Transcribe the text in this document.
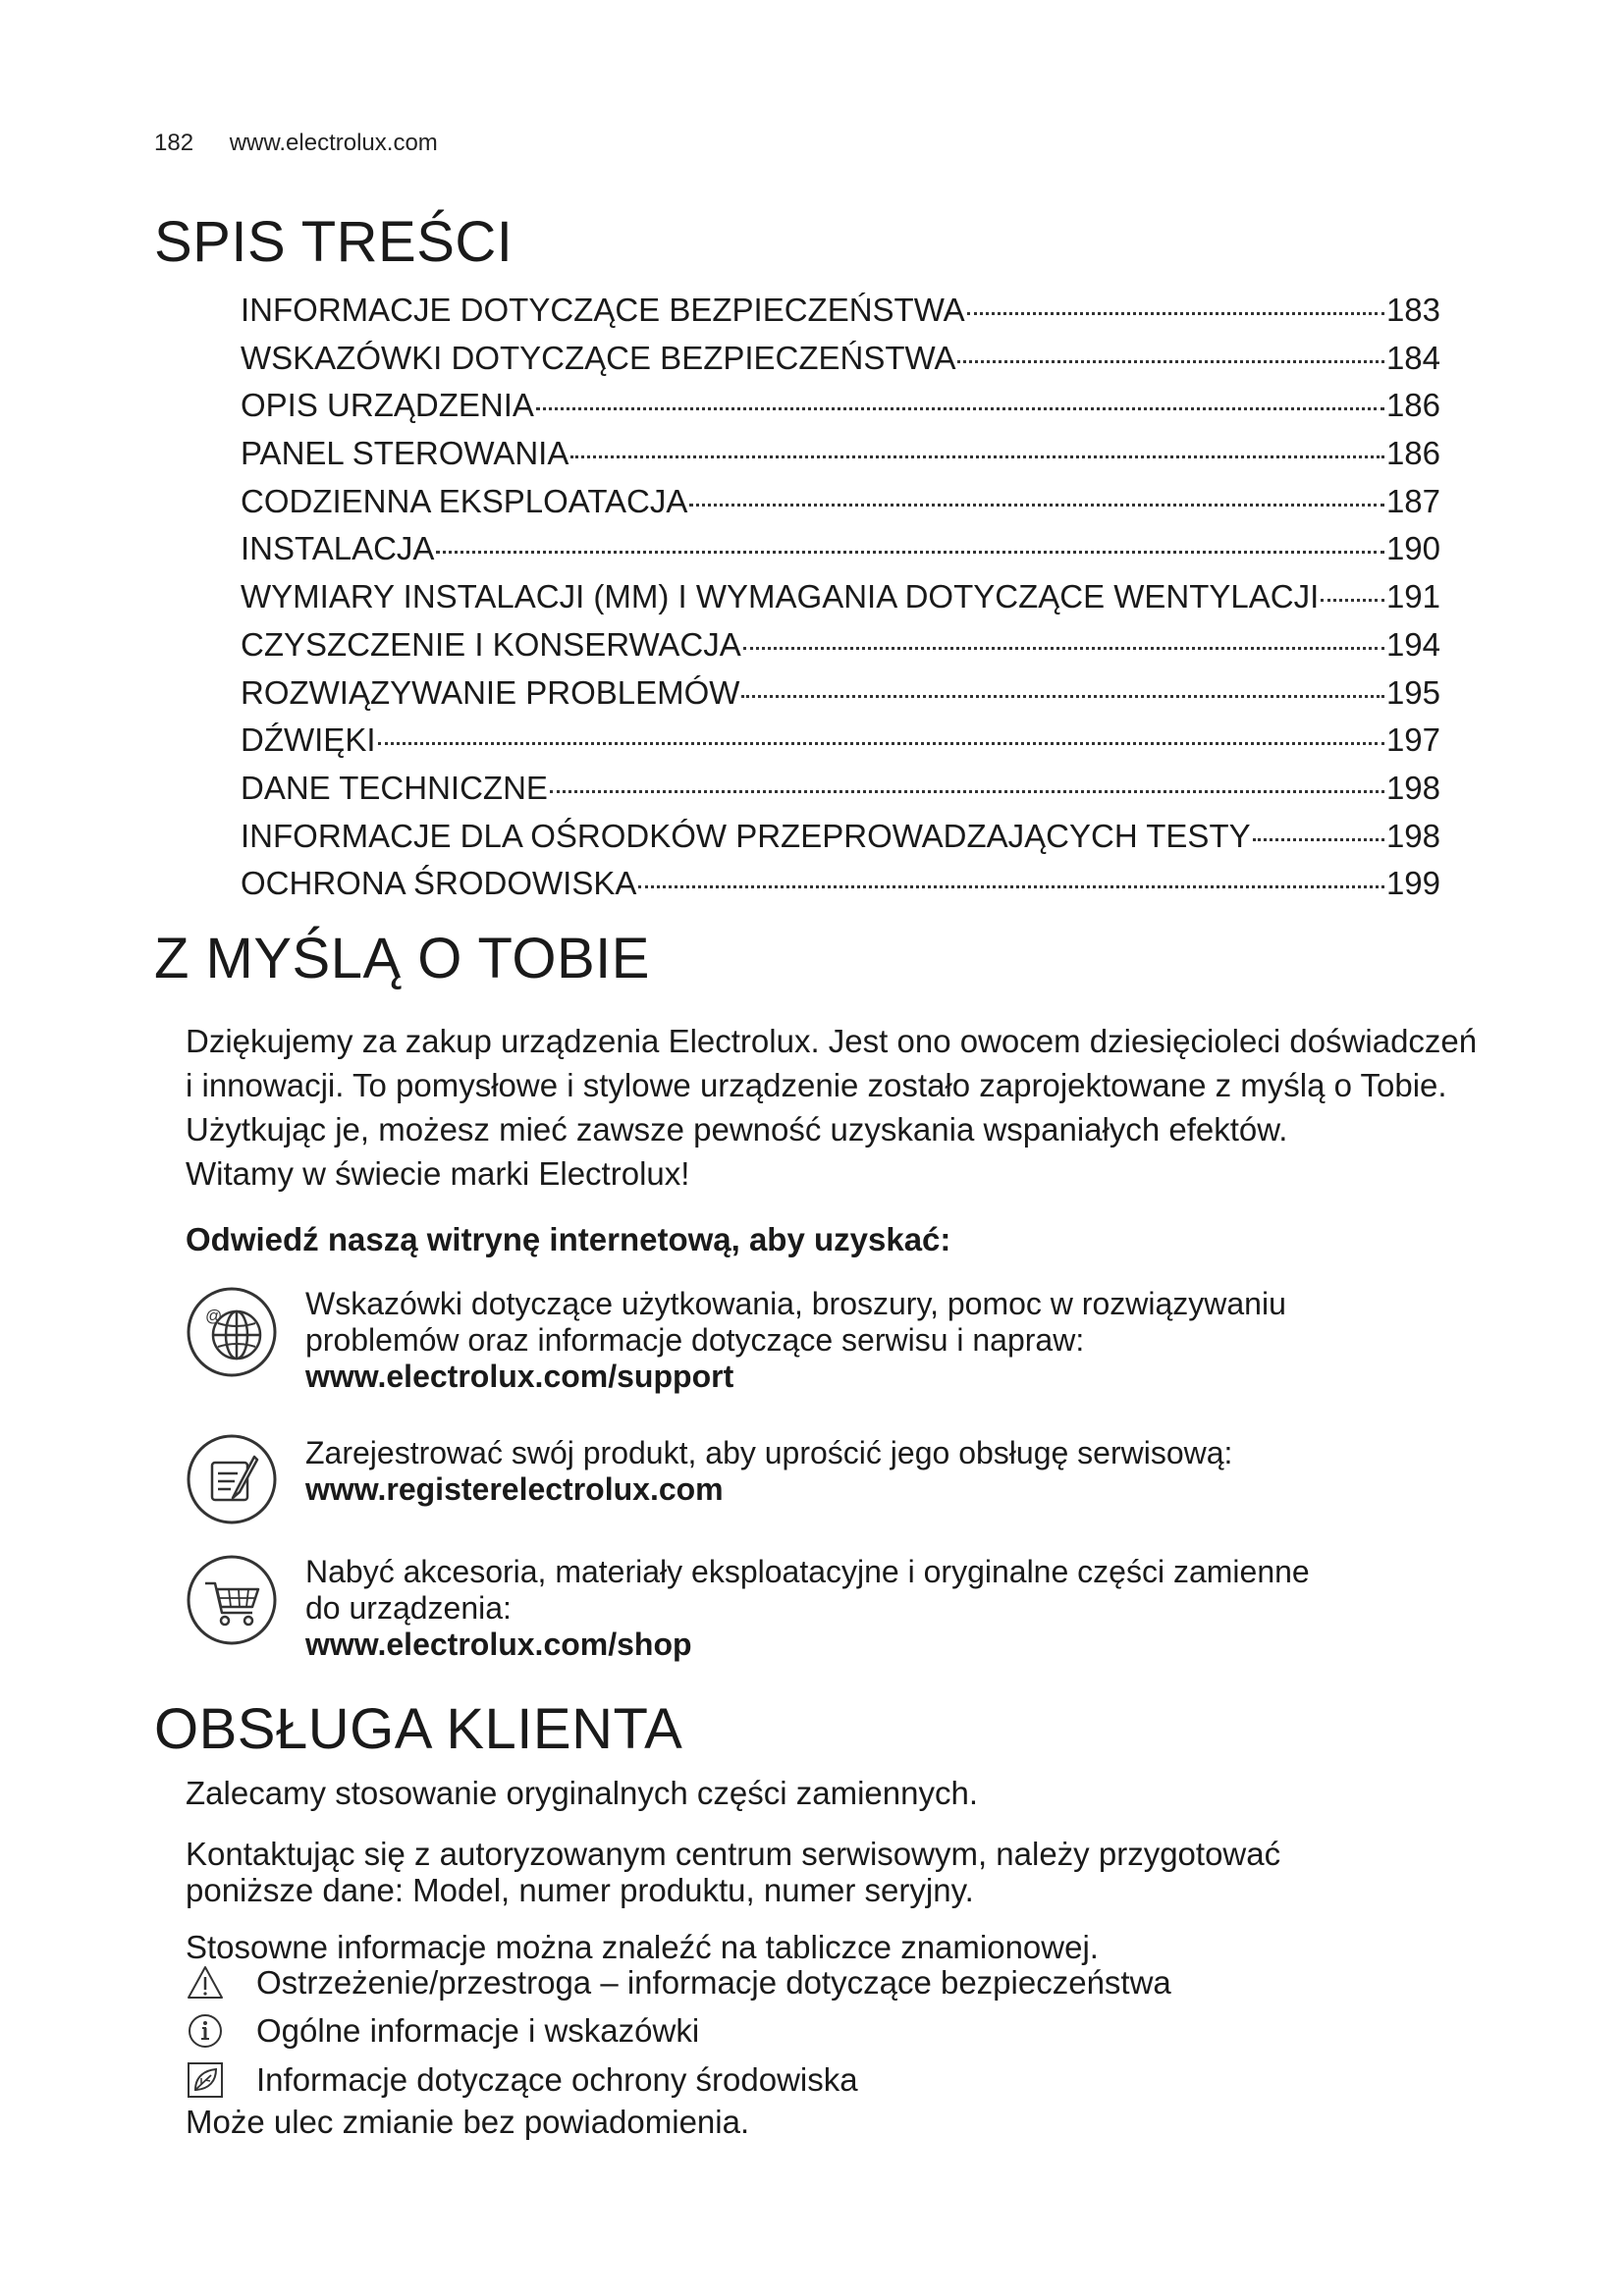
182 www.electrolux.com
SPIS TREŚCI
INFORMACJE DOTYCZĄCE BEZPIECZEŃSTWA	183
WSKAZÓWKI DOTYCZĄCE BEZPIECZEŃSTWA	184
OPIS URZĄDZENIA	186
PANEL STEROWANIA	186
CODZIENNA EKSPLOATACJA	187
INSTALACJA	190
WYMIARY INSTALACJI (MM) I WYMAGANIA DOTYCZĄCE WENTYLACJI 191
CZYSZCZENIE I KONSERWACJA	194
ROZWIĄZYWANIE PROBLEMÓW	195
DŹWIĘKI	197
DANE TECHNICZNE	198
INFORMACJE DLA OŚRODKÓW PRZEPROWADZAJĄCYCH TESTY	198
OCHRONA ŚRODOWISKA	199
Z MYŚLĄ O TOBIE

Dziękujemy za zakup urządzenia Electrolux. Jest ono owocem dziesięcioleci doświadczeń

i innowacji. To pomysłowe i stylowe urządzenie zostało zaprojektowane z myślą o Tobie.

Użytkując je, możesz mieć zawsze pewność uzyskania wspaniałych efektów.

Witamy w świecie marki Electrolux!

Odwiedź naszą witrynę internetową, aby uzyskać:
@	Wskazówki dotyczące użytkowania, broszury, pomoc w rozwiązywaniu
problemów oraz informacje dotyczące serwisu i napraw:
www.electrolux.com/support
Zarejestrować swój produkt, aby uprościć jego obsługę serwisową:
www.registerelectrolux.com
Nabyć akcesoria, materiały eksploatacyjne i oryginalne części zamienne
do urządzenia:
www.electrolux.com/shop
OBSŁUGA KLIENTA

Zalecamy stosowanie oryginalnych części zamiennych.

Kontaktując się z autoryzowanym centrum serwisowym, należy przygotować

poniższe dane: Model, numer produktu, numer seryjny.

Stosowne informacje można znaleźć na tabliczce znamionowej.

Ostrzeżenie/przestroga – informacje dotyczące bezpieczeństwa
Ogólne informacje i wskazówki
Informacje dotyczące ochrony środowiska
Może ulec zmianie bez powiadomienia.
